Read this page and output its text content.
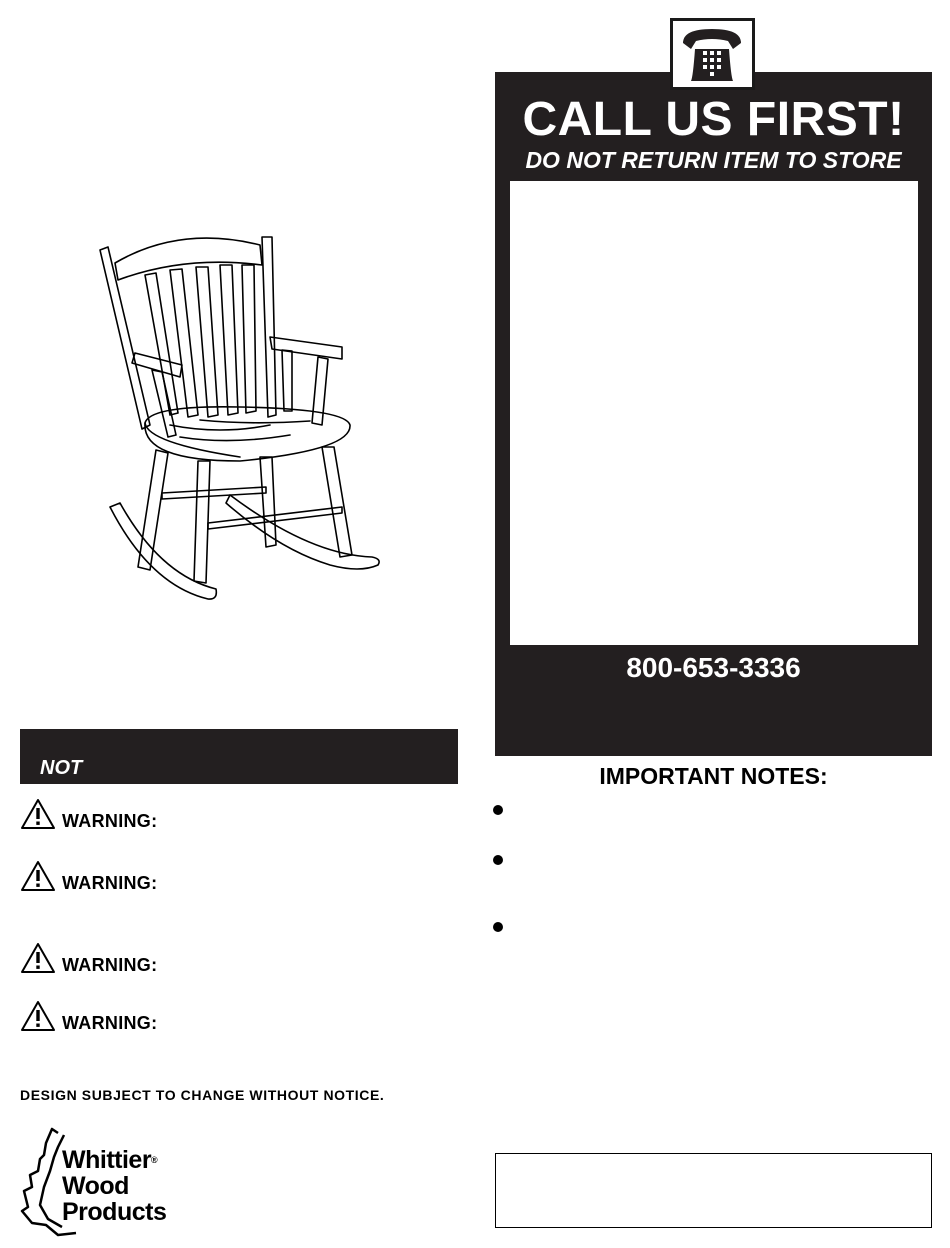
CALL US FIRST!
DO NOT RETURN ITEM TO STORE
800-653-3336
IMPORTANT NOTES:
NOT
WARNING:
WARNING:
WARNING:
WARNING:
DESIGN SUBJECT TO CHANGE WITHOUT NOTICE.
Whittier®
Wood
Products
